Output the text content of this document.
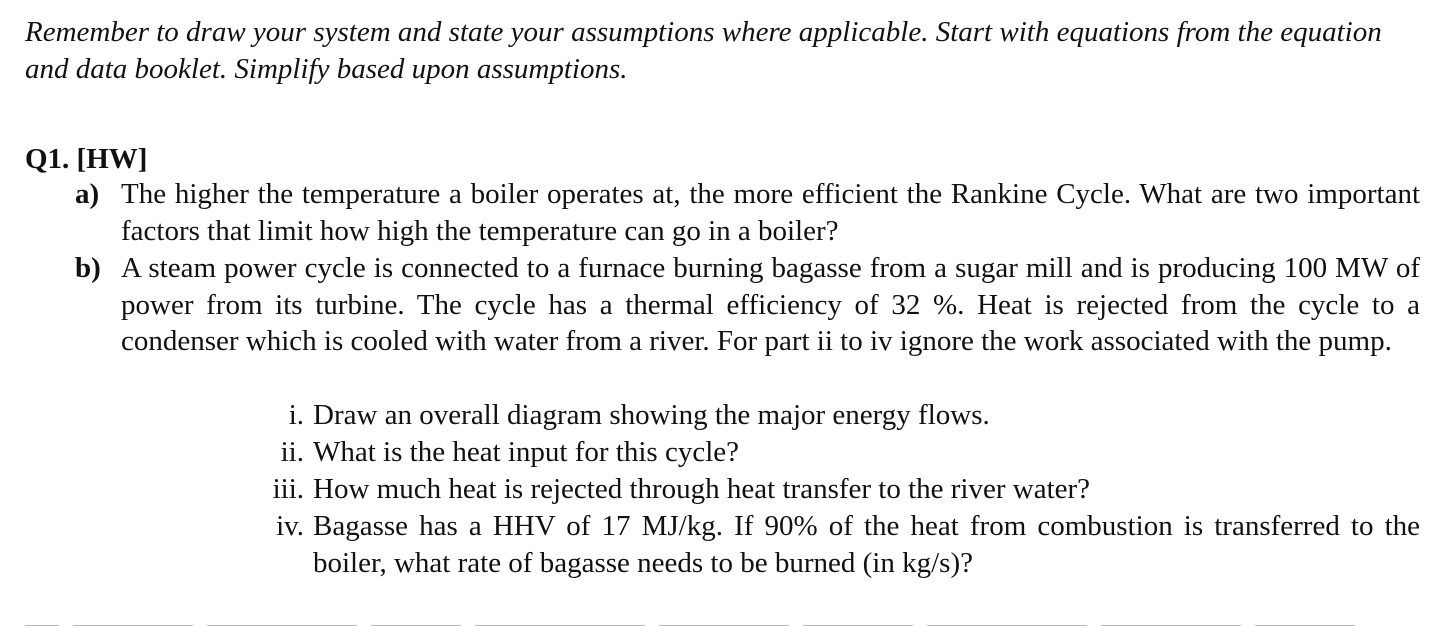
Remember to draw your system and state your assumptions where applicable. Start with equations from the equation and data booklet. Simplify based upon assumptions.

Q1. [HW]

a) The higher the temperature a boiler operates at, the more efficient the Rankine Cycle. What are two important factors that limit how high the temperature can go in a boiler?
b) A steam power cycle is connected to a furnace burning bagasse from a sugar mill and is producing 100 MW of power from its turbine. The cycle has a thermal efficiency of 32 %. Heat is rejected from the cycle to a condenser which is cooled with water from a river. For part ii to iv ignore the work associated with the pump.
i. Draw an overall diagram showing the major energy flows.
ii. What is the heat input for this cycle?
iii. How much heat is rejected through heat transfer to the river water?
iv. Bagasse has a HHV of 17 MJ/kg. If 90% of the heat from combustion is transferred to the boiler, what rate of bagasse needs to be burned (in kg/s)?
